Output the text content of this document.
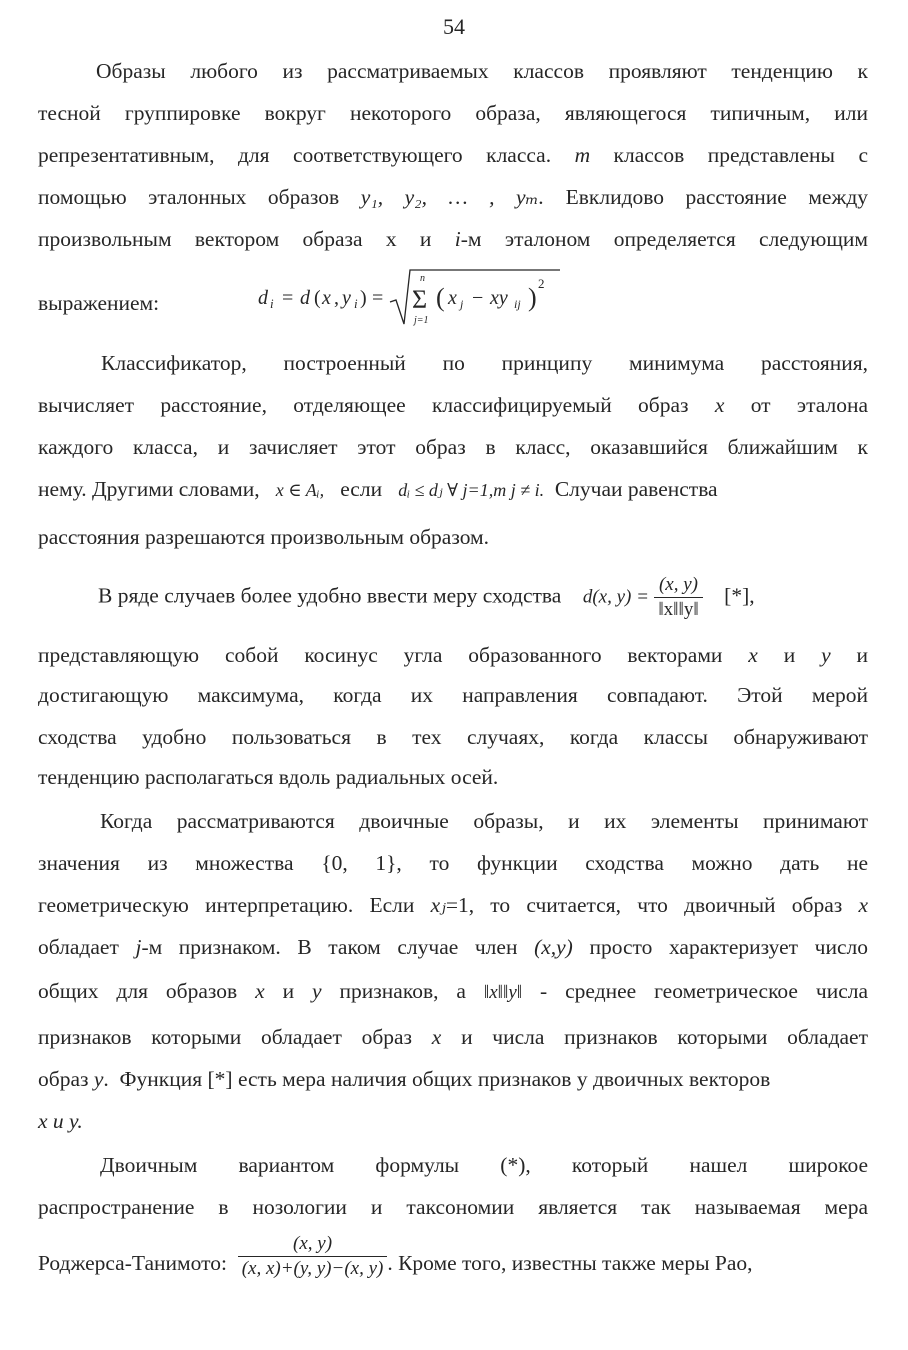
54
Образы любого из рассматриваемых классов проявляют тенденцию к
тесной группировке вокруг некоторого образа, являющегося типичным, или
репрезентативным, для соответствующего класса. m классов представлены с
помощью эталонных образов y₁, y₂, … , yₘ. Евклидово расстояние между
произвольным вектором образа х и i-м эталоном определяется следующим
выражением:	d i = d ( x , y i ) =
n
Σ
j=1
( x j − xy ij ) 2
Классификатор, построенный по принципу минимума расстояния,
вычисляет расстояние, отделяющее классифицируемый образ x от эталона
каждого класса, и зачисляет этот образ в класс, оказавшийся ближайшим к
нему. Другими словами, x ∈ Aᵢ, если dᵢ ≤ dⱼ ∀ j=1,m j ≠ i. Случаи равенства
расстояния разрешаются произвольным образом.
В ряде случаев более удобно ввести меру сходства d(x, $y) = \frac{(x, y)}{‖x‖‖y‖}$ [*],
представляющую собой косинус угла образованного векторами x и y и
достигающую максимума, когда их направления совпадают. Этой мерой
сходства удобно пользоваться в тех случаях, когда классы обнаруживают
тенденцию располагаться вдоль радиальных осей.
Когда рассматриваются двоичные образы, и их элементы принимают
значения из множества {0, 1}, то функции сходства можно дать не
геометрическую интерпретацию. Если xⱼ=1, то считается, что двоичный образ x
обладает j-м признаком. В таком случае член (x,y) просто характеризует число
общих для образов x и y признаков, а ‖x‖‖y‖ - среднее геометрическое числа
признаков которыми обладает образ x и числа признаков которыми обладает
образ y.  Функция [*] есть мера наличия общих признаков у двоичных векторов
x и y.
Двоичным вариантом формулы (*), который нашел широкое
распространение в нозологии и таксономии является так называемая мера
Роджерса-Танимото: $\frac{(x, y)}{(x, x)+(y, y)-(x, y)}$ . Кроме того, известны также меры Рао,
